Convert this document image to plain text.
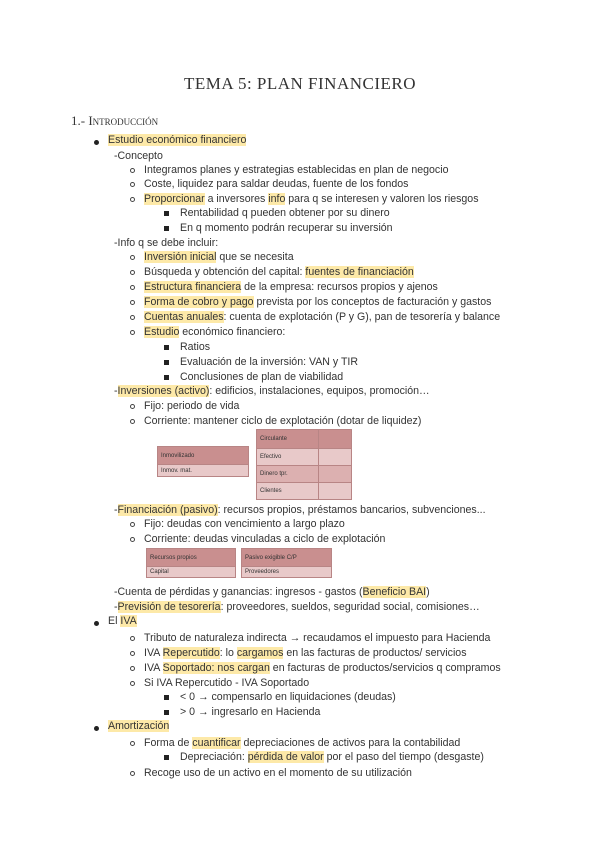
TEMA 5: PLAN FINANCIERO
1.- Introducción
Estudio económico financiero
-Concepto
Integramos planes y estrategias establecidas en plan de negocio
Coste, liquidez para saldar deudas, fuente de los fondos
Proporcionar a inversores info para q se interesen y valoren los riesgos
Rentabilidad q pueden obtener por su dinero
En q momento podrán recuperar su inversión
-Info q se debe incluir:
Inversión inicial que se necesita
Búsqueda y obtención del capital: fuentes de financiación
Estructura financiera de la empresa: recursos propios y ajenos
Forma de cobro y pago prevista por los conceptos de facturación y gastos
Cuentas anuales: cuenta de explotación (P y G), pan de tesorería y balance
Estudio económico financiero:
Ratios
Evaluación de la inversión: VAN y TIR
Conclusiones de plan de viabilidad
-Inversiones (activo): edificios, instalaciones, equipos, promoción…
Fijo: periodo de vida
Corriente: mantener ciclo de explotación (dotar de liquidez)
Inmovilizado
Inmov. mat.
Circulante	
Efectivo	
Dinero tpr.	
Clientes	
-Financiación (pasivo): recursos propios, préstamos bancarios, subvenciones...
Fijo: deudas con vencimiento a largo plazo
Corriente: deudas vinculadas a ciclo de explotación
Recursos propios
Capital
Pasivo exigible C/P
Proveedores
-Cuenta de pérdidas y ganancias: ingresos - gastos (Beneficio BAI)
-Previsión de tesorería: proveedores, sueldos, seguridad social, comisiones…
El IVA
Tributo de naturaleza indirecta → recaudamos el impuesto para Hacienda
IVA Repercutido: lo cargamos en las facturas de productos/ servicios
IVA Soportado: nos cargan en facturas de productos/servicios q compramos
Si IVA Repercutido - IVA Soportado
< 0 → compensarlo en liquidaciones (deudas)
> 0 → ingresarlo en Hacienda
Amortización
Forma de cuantificar depreciaciones de activos para la contabilidad
Depreciación: pérdida de valor por el paso del tiempo (desgaste)
Recoge uso de un activo en el momento de su utilización
